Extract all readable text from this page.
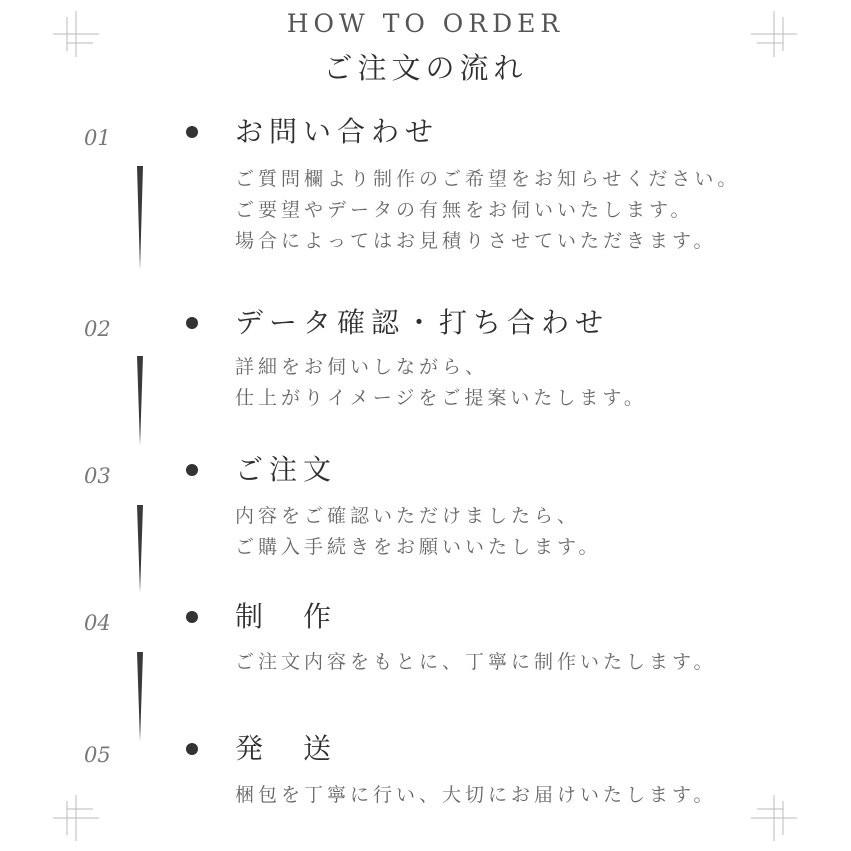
HOW TO ORDER
ご注文の流れ
01	お問い合わせ
ご質問欄より制作のご希望をお知らせください。
ご要望やデータの有無をお伺いいたします。
場合によってはお見積りさせていただきます。
02	データ確認・打ち合わせ
詳細をお伺いしながら、
仕上がりイメージをご提案いたします。
03	ご注文
内容をご確認いただけましたら、
ご購入手続きをお願いいたします。
04	制　作
ご注文内容をもとに、丁寧に制作いたします。
05	発　送
梱包を丁寧に行い、大切にお届けいたします。
